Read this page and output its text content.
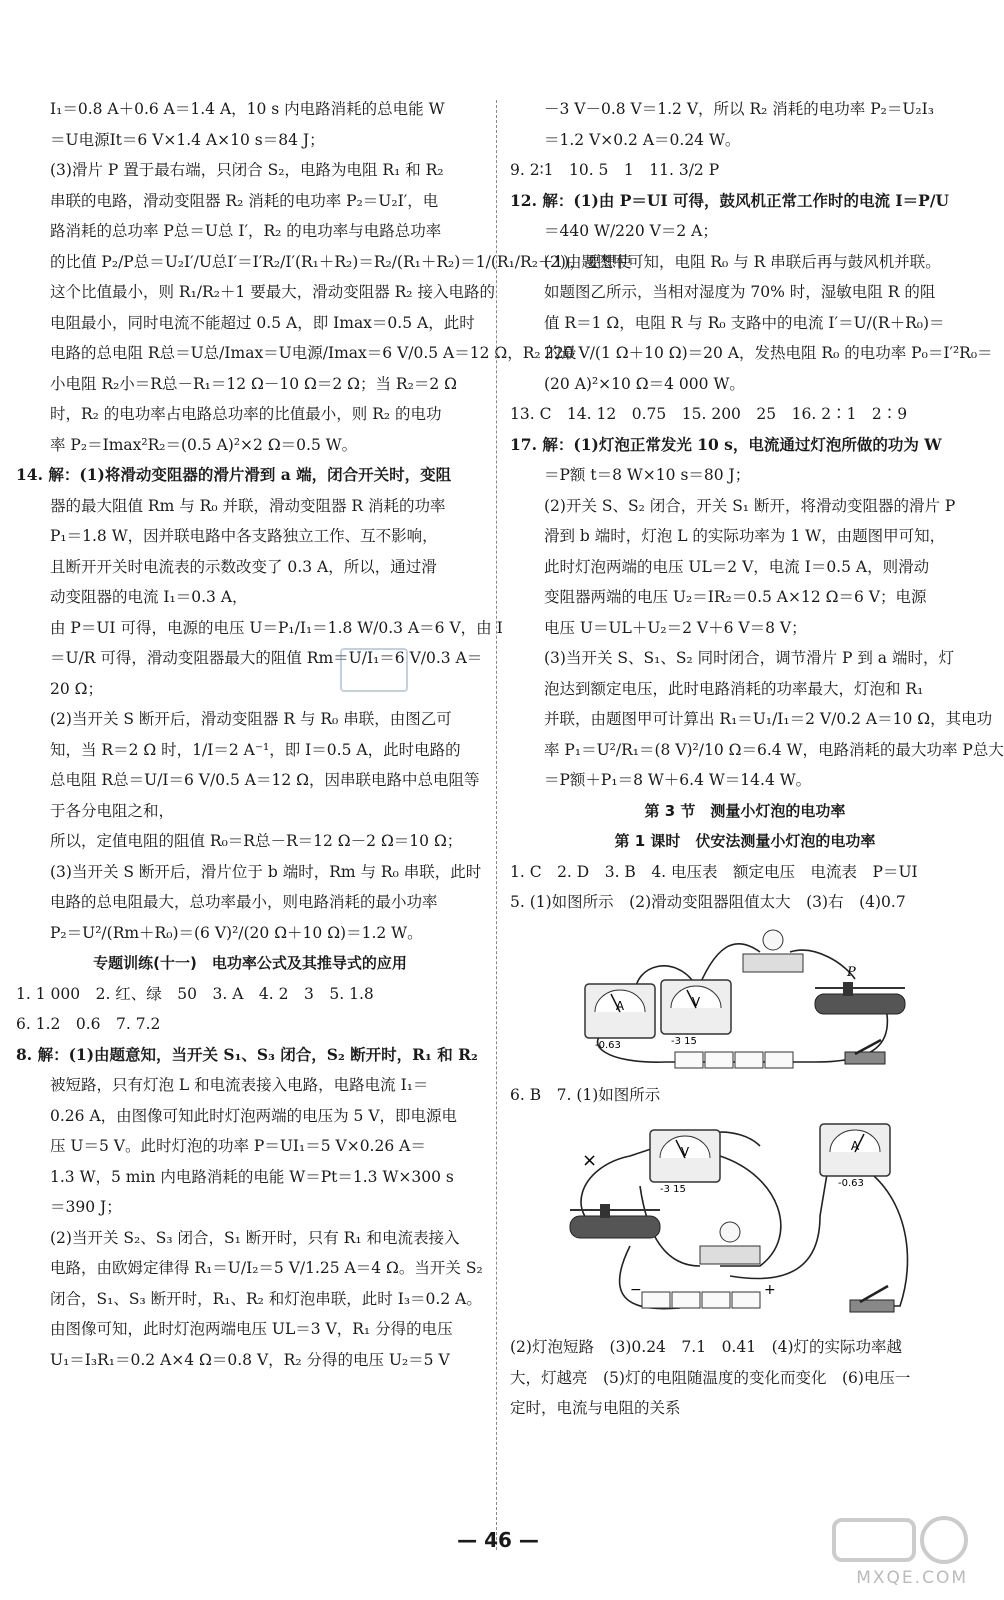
I₁＝0.8 A＋0.6 A＝1.4 A，10 s 内电路消耗的总电能 W
＝U电源It＝6 V×1.4 A×10 s＝84 J；
(3)滑片 P 置于最右端，只闭合 S₂，电路为电阻 R₁ 和 R₂
串联的电路，滑动变阻器 R₂ 消耗的电功率 P₂＝U₂I′，电
路消耗的总功率 P总＝U总 I′，R₂ 的电功率与电路总功率
的比值 P₂/P总＝U₂I′/U总I′＝I′R₂/I′(R₁＋R₂)＝R₂/(R₁＋R₂)＝1/(R₁/R₂＋1)，要想使
这个比值最小，则 R₁/R₂＋1 要最大，滑动变阻器 R₂ 接入电路的
电阻最小，同时电流不能超过 0.5 A，即 Imax＝0.5 A，此时
电路的总电阻 R总＝U总/Imax＝U电源/Imax＝6 V/0.5 A＝12 Ω，R₂ 的最
小电阻 R₂小＝R总－R₁＝12 Ω－10 Ω＝2 Ω；当 R₂＝2 Ω
时，R₂ 的电功率占电路总功率的比值最小，则 R₂ 的电功
率 P₂＝Imax²R₂＝(0.5 A)²×2 Ω＝0.5 W。
14. 解：(1)将滑动变阻器的滑片滑到 a 端，闭合开关时，变阻
器的最大阻值 Rm 与 R₀ 并联，滑动变阻器 R 消耗的功率
P₁＝1.8 W，因并联电路中各支路独立工作、互不影响，
且断开开关时电流表的示数改变了 0.3 A，所以，通过滑
动变阻器的电流 I₁＝0.3 A，
由 P＝UI 可得，电源的电压 U＝P₁/I₁＝1.8 W/0.3 A＝6 V，由 I
＝U/R 可得，滑动变阻器最大的阻值 Rm＝U/I₁＝6 V/0.3 A＝
20 Ω；
(2)当开关 S 断开后，滑动变阻器 R 与 R₀ 串联，由图乙可
知，当 R＝2 Ω 时，1/I＝2 A⁻¹，即 I＝0.5 A，此时电路的
总电阻 R总＝U/I＝6 V/0.5 A＝12 Ω，因串联电路中总电阻等
于各分电阻之和，
所以，定值电阻的阻值 R₀＝R总－R＝12 Ω－2 Ω＝10 Ω；
(3)当开关 S 断开后，滑片位于 b 端时，Rm 与 R₀ 串联，此时
电路的总电阻最大，总功率最小，则电路消耗的最小功率
P₂＝U²/(Rm＋R₀)＝(6 V)²/(20 Ω＋10 Ω)＝1.2 W。
专题训练(十一)　电功率公式及其推导式的应用
1. 1 000　2. 红、绿　50　3. A　4. 2　3　5. 1.8
6. 1.2　0.6　7. 7.2
8. 解：(1)由题意知，当开关 S₁、S₃ 闭合，S₂ 断开时，R₁ 和 R₂
被短路，只有灯泡 L 和电流表接入电路，电路电流 I₁＝
0.26 A，由图像可知此时灯泡两端的电压为 5 V，即电源电
压 U＝5 V。此时灯泡的功率 P＝UI₁＝5 V×0.26 A＝
1.3 W，5 min 内电路消耗的电能 W＝Pt＝1.3 W×300 s
＝390 J；
(2)当开关 S₂、S₃ 闭合，S₁ 断开时，只有 R₁ 和电流表接入
电路，由欧姆定律得 R₁＝U/I₂＝5 V/1.25 A＝4 Ω。当开关 S₂
闭合，S₁、S₃ 断开时，R₁、R₂ 和灯泡串联，此时 I₃＝0.2 A。
由图像可知，此时灯泡两端电压 UL＝3 V，R₁ 分得的电压
U₁＝I₃R₁＝0.2 A×4 Ω＝0.8 V，R₂ 分得的电压 U₂＝5 V
－3 V－0.8 V＝1.2 V，所以 R₂ 消耗的电功率 P₂＝U₂I₃
＝1.2 V×0.2 A＝0.24 W。
9. 2∶1　10. 5　1　11. 3/2 P
12. 解：(1)由 P＝UI 可得，鼓风机正常工作时的电流 I＝P/U
＝440 W/220 V＝2 A；
(2)由题图甲可知，电阻 R₀ 与 R 串联后再与鼓风机并联。
如题图乙所示，当相对湿度为 70% 时，湿敏电阻 R 的阻
值 R＝1 Ω，电阻 R 与 R₀ 支路中的电流 I′＝U/(R＋R₀)＝
220 V/(1 Ω＋10 Ω)＝20 A，发热电阻 R₀ 的电功率 P₀＝I′²R₀＝
(20 A)²×10 Ω＝4 000 W。
13. C　14. 12　0.75　15. 200　25　16. 2∶1　2∶9
17. 解：(1)灯泡正常发光 10 s，电流通过灯泡所做的功为 W
＝P额 t＝8 W×10 s＝80 J；
(2)开关 S、S₂ 闭合，开关 S₁ 断开，将滑动变阻器的滑片 P
滑到 b 端时，灯泡 L 的实际功率为 1 W，由题图甲可知，
此时灯泡两端的电压 UL＝2 V，电流 I＝0.5 A，则滑动
变阻器两端的电压 U₂＝IR₂＝0.5 A×12 Ω＝6 V；电源
电压 U＝UL＋U₂＝2 V＋6 V＝8 V；
(3)当开关 S、S₁、S₂ 同时闭合，调节滑片 P 到 a 端时，灯
泡达到额定电压，此时电路消耗的功率最大，灯泡和 R₁
并联，由题图甲可计算出 R₁＝U₁/I₁＝2 V/0.2 A＝10 Ω，其电功
率 P₁＝U²/R₁＝(8 V)²/10 Ω＝6.4 W，电路消耗的最大功率 P总大
＝P额＋P₁＝8 W＋6.4 W＝14.4 W。
第 3 节　测量小灯泡的电功率
第 1 课时　伏安法测量小灯泡的电功率
1. C　2. D　3. B　4. 电压表　额定电压　电流表　P＝UI
5. (1)如图所示　(2)滑动变阻器阻值太大　(3)右　(4)0.7
A
-0.63
V
-3 15
P
6. B　7. (1)如图所示
×	V
-3 15
A
-0.63
−	+
(2)灯泡短路　(3)0.24　7.1　0.41　(4)灯的实际功率越
大，灯越亮　(5)灯的电阻随温度的变化而变化　(6)电压一
定时，电流与电阻的关系
— 46 —
MXQE.COM
